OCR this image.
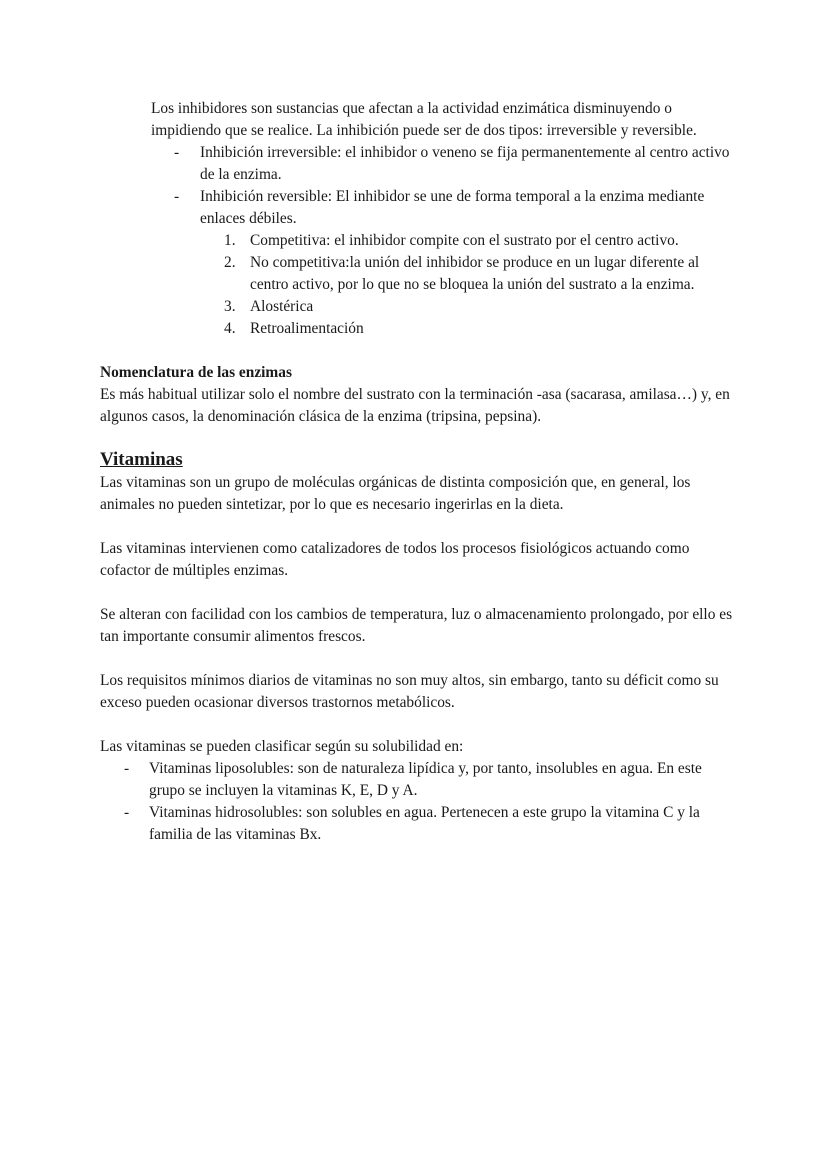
Los inhibidores son sustancias que afectan a la actividad enzimática disminuyendo o impidiendo que se realice. La inhibición puede ser de dos tipos: irreversible y reversible.

- Inhibición irreversible: el inhibidor o veneno se fija permanentemente al centro activo de la enzima.
- Inhibición reversible: El inhibidor se une de forma temporal a la enzima mediante enlaces débiles.
1. Competitiva: el inhibidor compite con el sustrato por el centro activo.
2. No competitiva:la unión del inhibidor se produce en un lugar diferente al centro activo, por lo que no se bloquea la unión del sustrato a la enzima.
3. Alostérica
4. Retroalimentación

Nomenclatura de las enzimas

Es más habitual utilizar solo el nombre del sustrato con la terminación -asa (sacarasa, amilasa…) y, en algunos casos, la denominación clásica de la enzima (tripsina, pepsina).

Vitaminas

Las vitaminas son un grupo de moléculas orgánicas de distinta composición que, en general, los animales no pueden sintetizar, por lo que es necesario ingerirlas en la dieta.

Las vitaminas intervienen como catalizadores de todos los procesos fisiológicos actuando como cofactor de múltiples enzimas.

Se alteran con facilidad con los cambios de temperatura, luz o almacenamiento prolongado, por ello es tan importante consumir alimentos frescos.

Los requisitos mínimos diarios de vitaminas no son muy altos, sin embargo, tanto su déficit como su exceso pueden ocasionar diversos trastornos metabólicos.

Las vitaminas se pueden clasificar según su solubilidad en:

- Vitaminas liposolubles: son de naturaleza lipídica y, por tanto, insolubles en agua. En este grupo se incluyen la vitaminas K, E, D y A.
- Vitaminas hidrosolubles: son solubles en agua. Pertenecen a este grupo la vitamina C y la familia de las vitaminas Bx.
